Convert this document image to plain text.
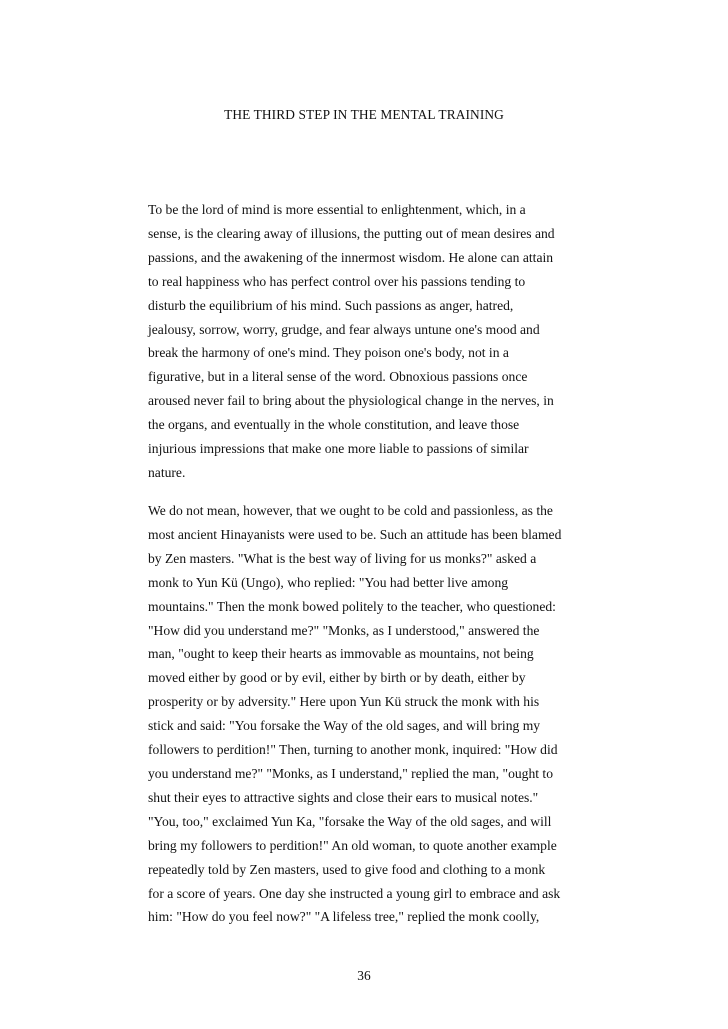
THE THIRD STEP IN THE MENTAL TRAINING
To be the lord of mind is more essential to enlightenment, which, in a
sense, is the clearing away of illusions, the putting out of mean desires and
passions, and the awakening of the innermost wisdom. He alone can attain
to real happiness who has perfect control over his passions tending to
disturb the equilibrium of his mind. Such passions as anger, hatred,
jealousy, sorrow, worry, grudge, and fear always untune one's mood and
break the harmony of one's mind. They poison one's body, not in a
figurative, but in a literal sense of the word. Obnoxious passions once
aroused never fail to bring about the physiological change in the nerves, in
the organs, and eventually in the whole constitution, and leave those
injurious impressions that make one more liable to passions of similar
nature.
We do not mean, however, that we ought to be cold and passionless, as the
most ancient Hinayanists were used to be. Such an attitude has been blamed
by Zen masters. "What is the best way of living for us monks?" asked a
monk to Yun Kü (Ungo), who replied: "You had better live among
mountains." Then the monk bowed politely to the teacher, who questioned:
"How did you understand me?" "Monks, as I understood," answered the
man, "ought to keep their hearts as immovable as mountains, not being
moved either by good or by evil, either by birth or by death, either by
prosperity or by adversity." Here upon Yun Kü struck the monk with his
stick and said: "You forsake the Way of the old sages, and will bring my
followers to perdition!" Then, turning to another monk, inquired: "How did
you understand me?" "Monks, as I understand," replied the man, "ought to
shut their eyes to attractive sights and close their ears to musical notes."
"You, too," exclaimed Yun Ka, "forsake the Way of the old sages, and will
bring my followers to perdition!" An old woman, to quote another example
repeatedly told by Zen masters, used to give food and clothing to a monk
for a score of years. One day she instructed a young girl to embrace and ask
him: "How do you feel now?" "A lifeless tree," replied the monk coolly,
36
